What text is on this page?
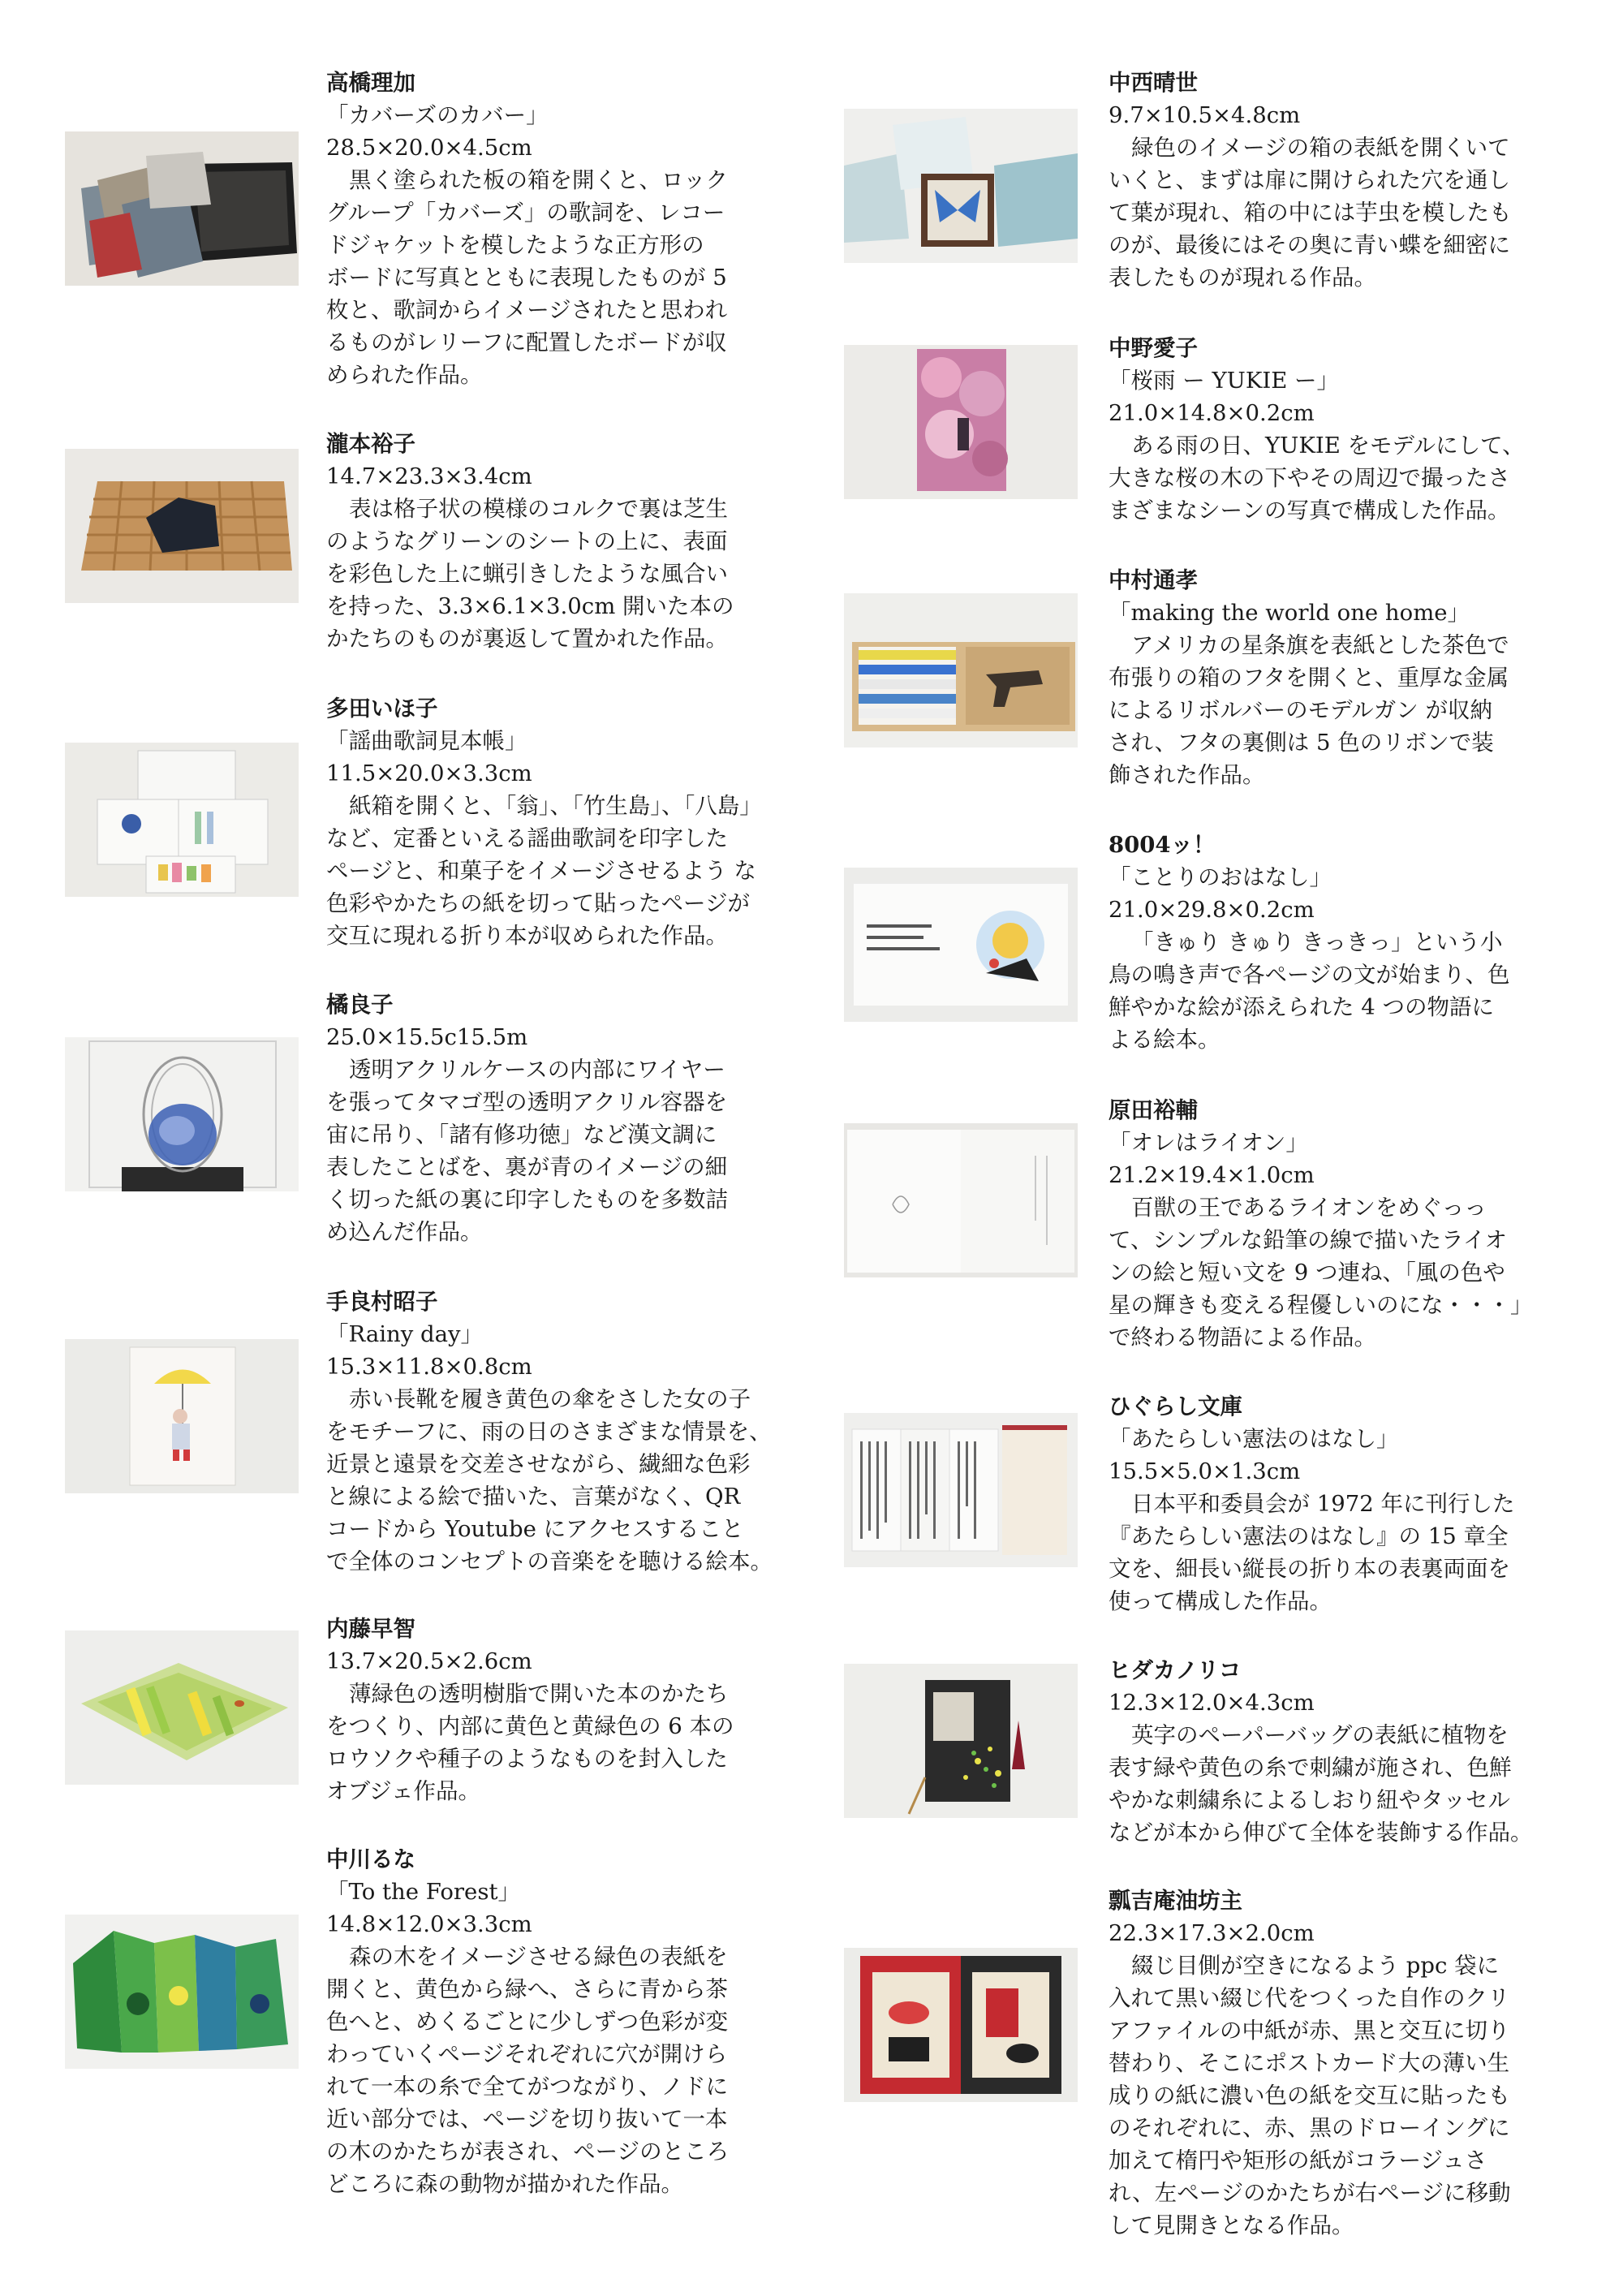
高橋理加
「カバーズのカバー」
28.5×20.0×4.5cm
黒く塗られた板の箱を開くと、ロック
グループ「カバーズ」の歌詞を、レコー
ドジャケットを模したような正方形の
ボードに写真とともに表現したものが 5
枚と、歌詞からイメージされたと思われ
るものがレリーフに配置したボードが収
められた作品。
瀧本裕子
14.7×23.3×3.4cm
表は格子状の模様のコルクで裏は芝生
のようなグリーンのシートの上に、表面
を彩色した上に蝋引きしたような風合い
を持った、3.3×6.1×3.0cm 開いた本の
かたちのものが裏返して置かれた作品。
多田いほ子
「謡曲歌詞見本帳」
11.5×20.0×3.3cm
紙箱を開くと、「翁」、「竹生島」、「八島」
など、定番といえる謡曲歌詞を印字した
ページと、和菓子をイメージさせるよう な
色彩やかたちの紙を切って貼ったページが
交互に現れる折り本が収められた作品。
橘良子
25.0×15.5c15.5m
透明アクリルケースの内部にワイヤー
を張ってタマゴ型の透明アクリル容器を
宙に吊り、「諸有修功徳」など漢文調に
表したことばを、裏が青のイメージの細
く切った紙の裏に印字したものを多数詰
め込んだ作品。
手良村昭子
「Rainy day」
15.3×11.8×0.8cm
赤い長靴を履き黄色の傘をさした女の子
をモチーフに、雨の日のさまざまな情景を、
近景と遠景を交差させながら、繊細な色彩
と線による絵で描いた、言葉がなく、QR
コードから Youtube にアクセスすること
で全体のコンセプトの音楽をを聴ける絵本。
内藤早智
13.7×20.5×2.6cm
薄緑色の透明樹脂で開いた本のかたち
をつくり、内部に黄色と黄緑色の 6 本の
ロウソクや種子のようなものを封入した
オブジェ作品。
中川るな
「To the Forest」
14.8×12.0×3.3cm
森の木をイメージさせる緑色の表紙を
開くと、黄色から緑へ、さらに青から茶
色へと、めくるごとに少しずつ色彩が変
わっていくページそれぞれに穴が開けら
れて一本の糸で全てがつながり、ノドに
近い部分では、ページを切り抜いて一本
の木のかたちが表され、ページのところ
どころに森の動物が描かれた作品。
中西晴世
9.7×10.5×4.8cm
緑色のイメージの箱の表紙を開くいて
いくと、まずは扉に開けられた穴を通し
て葉が現れ、箱の中には芋虫を模したも
のが、最後にはその奥に青い蝶を細密に
表したものが現れる作品。
中野愛子
「桜雨 ー YUKIE ー」
21.0×14.8×0.2cm
ある雨の日、YUKIE をモデルにして、
大きな桜の木の下やその周辺で撮ったさ
まざまなシーンの写真で構成した作品。
中村通孝
「making the world one home」
アメリカの星条旗を表紙とした茶色で
布張りの箱のフタを開くと、重厚な金属
によるリボルバーのモデルガン が収納
され、フタの裏側は 5 色のリボンで装
飾された作品。
8004ッ！
「ことりのおはなし」
21.0×29.8×0.2cm
「きゅり きゅり きっきっ」という小
鳥の鳴き声で各ページの文が始まり、色
鮮やかな絵が添えられた 4 つの物語に
よる絵本。
原田裕輔
「オレはライオン」
21.2×19.4×1.0cm
百獣の王であるライオンをめぐっっ
て、シンプルな鉛筆の線で描いたライオ
ンの絵と短い文を 9 つ連ね、「風の色や
星の輝きも変える程優しいのにな・・・」
で終わる物語による作品。
ひぐらし文庫
「あたらしい憲法のはなし」
15.5×5.0×1.3cm
日本平和委員会が 1972 年に刊行した
『あたらしい憲法のはなし』の 15 章全
文を、細長い縦長の折り本の表裏両面を
使って構成した作品。
ヒダカノリコ
12.3×12.0×4.3cm
英字のペーパーバッグの表紙に植物を
表す緑や黄色の糸で刺繍が施され、色鮮
やかな刺繍糸によるしおり紐やタッセル
などが本から伸びて全体を装飾する作品。
瓢吉庵油坊主
22.3×17.3×2.0cm
綴じ目側が空きになるよう ppc 袋に
入れて黒い綴じ代をつくった自作のクリ
アファイルの中紙が赤、黒と交互に切り
替わり、そこにポストカード大の薄い生
成りの紙に濃い色の紙を交互に貼ったも
のそれぞれに、赤、黒のドローイングに
加えて楕円や矩形の紙がコラージュさ
れ、左ページのかたちが右ページに移動
して見開きとなる作品。
